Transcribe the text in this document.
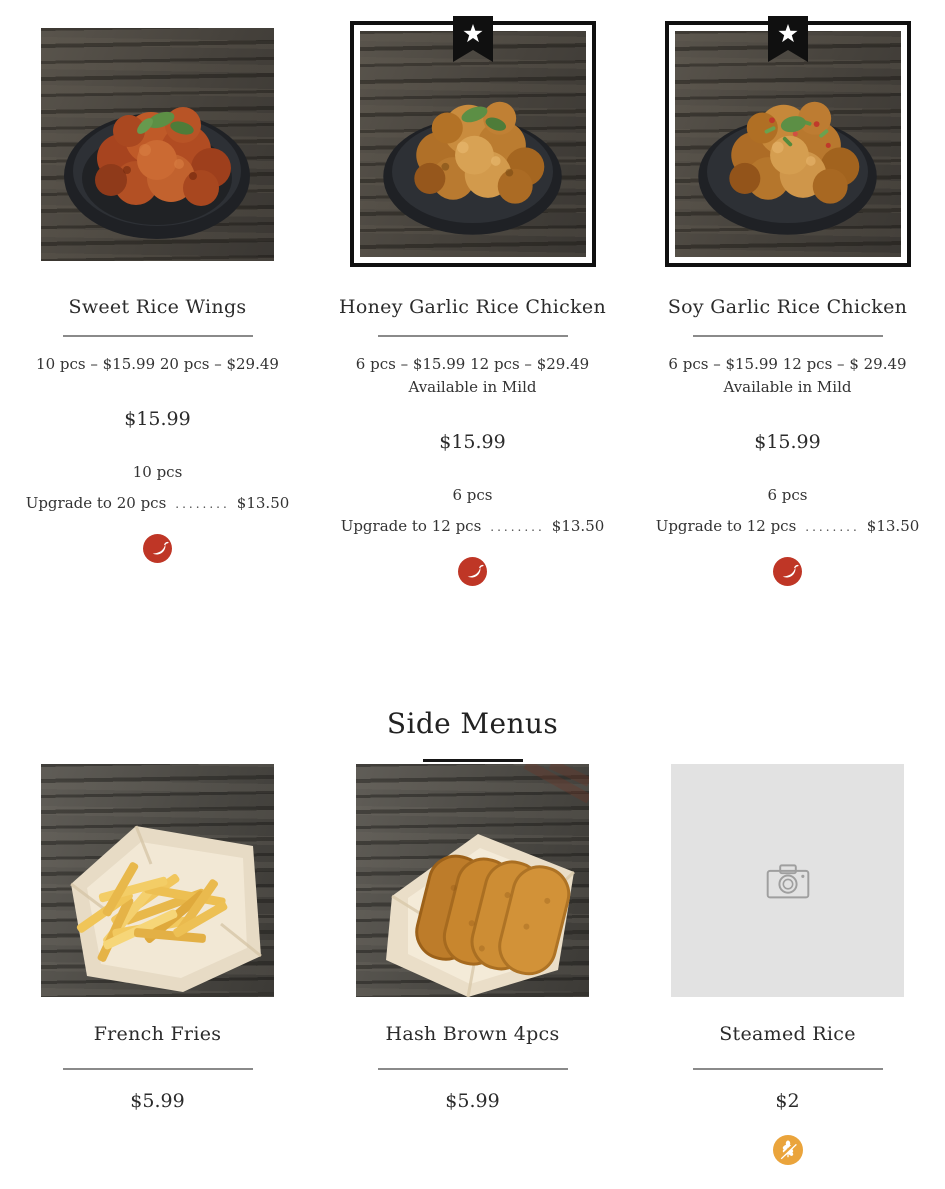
Sweet Rice Wings

10 pcs – $15.99 20 pcs – $29.49

$15.99
10 pcs
Upgrade to 20 pcs ........ $13.50
Honey Garlic Rice Chicken

6 pcs – $15.99 12 pcs – $29.49 Available in Mild

$15.99
6 pcs
Upgrade to 12 pcs ........ $13.50
Soy Garlic Rice Chicken

6 pcs – $15.99 12 pcs – $ 29.49 Available in Mild

$15.99
6 pcs
Upgrade to 12 pcs ........ $13.50
Side Menus
French Fries
$5.99
Hash Brown 4pcs
$5.99
Steamed Rice
$2
